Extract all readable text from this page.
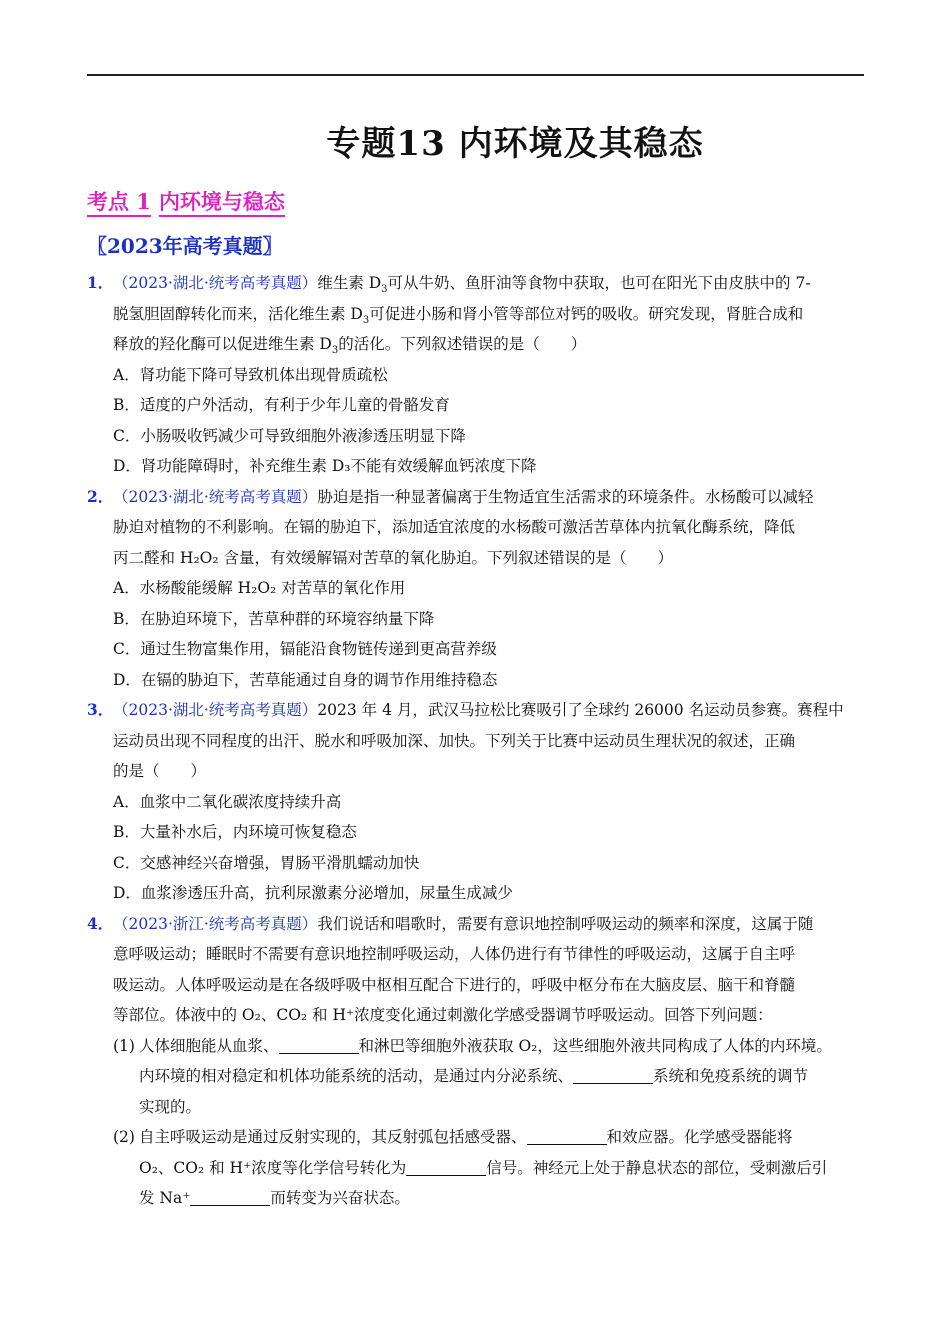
专题13 内环境及其稳态
考点 1 内环境与稳态
〖2023年高考真题〗
1． （2023·湖北·统考高考真题）维生素 $D_3$可从牛奶、鱼肝油等食物中获取，也可在阳光下由皮肤中的 7-
脱氢胆固醇转化而来，活化维生素 $D_3$可促进小肠和肾小管等部位对钙的吸收。研究发现，肾脏合成和
释放的羟化酶可以促进维生素 $D_3$的活化。下列叙述错误的是（　　）
A．肾功能下降可导致机体出现骨质疏松
B．适度的户外活动，有利于少年儿童的骨骼发育
C．小肠吸收钙减少可导致细胞外液渗透压明显下降
D．肾功能障碍时，补充维生素 D₃不能有效缓解血钙浓度下降
2． （2023·湖北·统考高考真题）胁迫是指一种显著偏离于生物适宜生活需求的环境条件。水杨酸可以减轻
胁迫对植物的不利影响。在镉的胁迫下，添加适宜浓度的水杨酸可激活苦草体内抗氧化酶系统，降低
丙二醛和 H₂O₂ 含量，有效缓解镉对苦草的氧化胁迫。下列叙述错误的是（　　）
A．水杨酸能缓解 H₂O₂ 对苦草的氧化作用
B．在胁迫环境下，苦草种群的环境容纳量下降
C．通过生物富集作用，镉能沿食物链传递到更高营养级
D．在镉的胁迫下，苦草能通过自身的调节作用维持稳态
3． （2023·湖北·统考高考真题）2023 年 4 月，武汉马拉松比赛吸引了全球约 26000 名运动员参赛。赛程中
运动员出现不同程度的出汗、脱水和呼吸加深、加快。下列关于比赛中运动员生理状况的叙述，正确
的是（　　）
A．血浆中二氧化碳浓度持续升高
B．大量补水后，内环境可恢复稳态
C．交感神经兴奋增强，胃肠平滑肌蠕动加快
D．血浆渗透压升高，抗利尿激素分泌增加，尿量生成减少
4． （2023·浙江·统考高考真题）我们说话和唱歌时，需要有意识地控制呼吸运动的频率和深度，这属于随
意呼吸运动；睡眠时不需要有意识地控制呼吸运动，人体仍进行有节律性的呼吸运动，这属于自主呼
吸运动。人体呼吸运动是在各级呼吸中枢相互配合下进行的，呼吸中枢分布在大脑皮层、脑干和脊髓
等部位。体液中的 O₂、CO₂ 和 H⁺浓度变化通过刺激化学感受器调节呼吸运动。回答下列问题：
(1) 人体细胞能从血浆、	和淋巴等细胞外液获取 O₂，这些细胞外液共同构成了人体的内环境。
内环境的相对稳定和机体功能系统的活动，是通过内分泌系统、	系统和免疫系统的调节
实现的。
(2) 自主呼吸运动是通过反射实现的，其反射弧包括感受器、	和效应器。化学感受器能将
O₂、CO₂ 和 H⁺浓度等化学信号转化为	信号。神经元上处于静息状态的部位，受刺激后引
发 Na⁺	而转变为兴奋状态。
